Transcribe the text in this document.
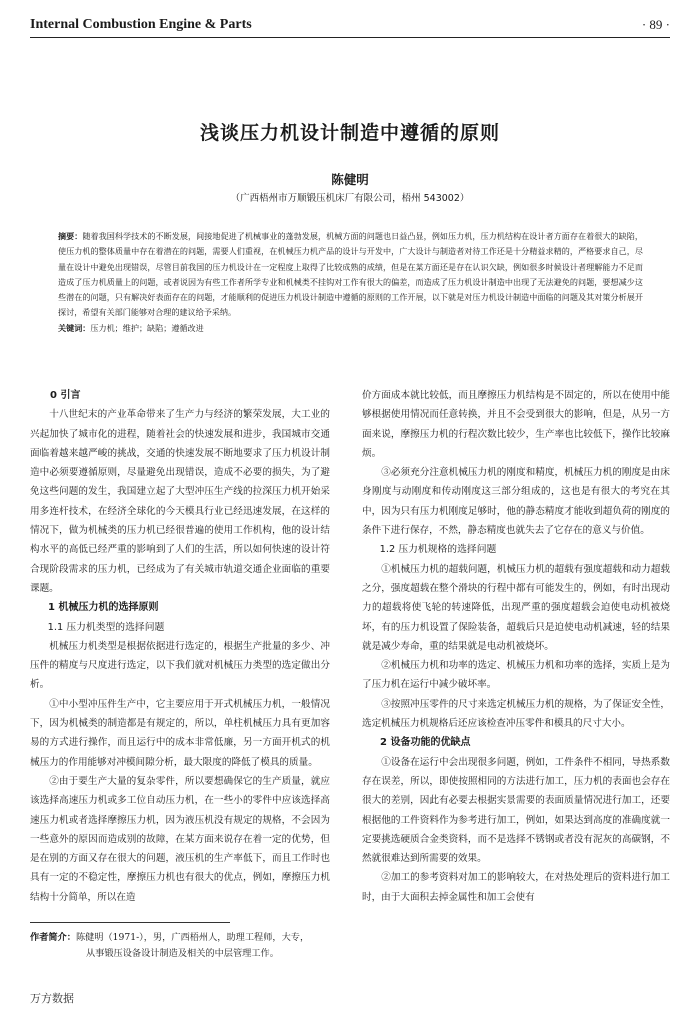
Internal Combustion Engine & Parts	· 89 ·
浅谈压力机设计制造中遵循的原则
陈健明
（广西梧州市万顺锻压机床厂有限公司，梧州 543002）
摘要：随着我国科学技术的不断发展，间接地促进了机械事业的蓬勃发展，机械方面的问题也日益凸显，例如压力机，压力机结构在设计者方面存在着很大的缺陷，使压力机的整体质量中存在着潜在的问题，需要人们重视，在机械压力机产品的设计与开发中，广大设计与制造者对待工作还是十分精益求精的，严格要求自己，尽量在设计中避免出现错误，尽管目前我国的压力机设计在一定程度上取得了比较成熟的成绩，但是在某方面还是存在认识欠缺，例如很多时候设计者理解能力不足而造成了压力机质量上的问题，或者说因为有些工作者所学专业和机械类不挂钩对工作有很大的偏差，而造成了压力机设计制造中出现了无法避免的问题，要想减少这些潜在的问题，只有解决好表面存在的问题，才能顺利的促进压力机设计制造中遵循的原则的工作开展，以下就是对压力机设计制造中面临的问题及其对策分析展开探讨，希望有关部门能够对合理的建议给予采纳。
关键词：压力机；维护；缺陷；遵循改进

0 引言

十八世纪末的产业革命带来了生产力与经济的繁荣发展，大工业的兴起加快了城市化的进程，随着社会的快速发展和进步，我国城市交通面临着越来越严峻的挑战，交通的快速发展不断地要求了压力机设计制造中必须要遵循原则，尽量避免出现错误，造成不必要的损失，为了避免这些问题的发生，我国建立起了大型冲压生产线的拉深压力机开始采用多连杆技术，在经济全球化的今天模具行业已经迅速发展，在这样的情况下，做为机械类的压力机已经很普遍的使用工作机构，他的设计结构水平的高低已经严重的影响到了人们的生活，所以如何快速的设计符合现阶段需求的压力机，已经成为了有关城市轨道交通企业面临的重要课题。

1 机械压力机的选择原则

1.1 压力机类型的选择问题

机械压力机类型是根据依据进行选定的，根据生产批量的多少、冲压件的精度与尺度进行选定，以下我们就对机械压力类型的选定做出分析。

①中小型冲压件生产中，它主要应用于开式机械压力机，一般情况下，因为机械类的制造都是有规定的，所以，单柱机械压力具有更加容易的方式进行操作，而且运行中的成本非常低廉，另一方面开机式的机械压力的作用能够对冲模间隙分析，最大限度的降低了模具的质量。

②由于要生产大量的复杂零件，所以要想确保它的生产质量，就应该选择高速压力机或多工位自动压力机，在一些小的零件中应该选择高速压力机或者选择摩擦压力机，因为液压机没有规定的规格，不会因为一些意外的原因而造成别的故障，在某方面来说存在着一定的优势，但是在别的方面又存在很大的问题，液压机的生产率低下，而且工作时也具有一定的不稳定性，摩擦压力机也有很大的优点，例如，摩擦压力机结构十分简单，所以在造

价方面成本就比较低，而且摩擦压力机结构是不固定的，所以在使用中能够根据使用情况而任意转换，并且不会受到很大的影响，但是，从另一方面来说，摩擦压力机的行程次数比较少，生产率也比较低下，操作比较麻烦。

③必须充分注意机械压力机的刚度和精度，机械压力机的刚度是由床身刚度与动刚度和传动刚度这三部分组成的，这也是有很大的考究在其中，因为只有压力机刚度足够时，他的静态精度才能收到超负荷的刚度的条件下进行保存，不然，静态精度也就失去了它存在的意义与价值。

1.2 压力机规格的选择问题

①机械压力机的超载问题，机械压力机的超载有强度超载和动力超载之分，强度超载在整个滑块的行程中都有可能发生的，例如，有时出现动力的超载将使飞轮的转速降低，出现严重的强度超载会迫使电动机被烧坏，有的压力机设置了保险装备，超载后只是迫使电动机减速，轻的结果就是减少寿命，重的结果就是电动机被烧坏。

②机械压力机和功率的选定、机械压力机和功率的选择，实质上是为了压力机在运行中减少破坏率。

③按照冲压零件的尺寸来选定机械压力机的规格，为了保证安全性，选定机械压力机规格后还应该检查冲压零件和模具的尺寸大小。

2 设备功能的优缺点

①设备在运行中会出现很多问题，例如，工件条件不相同，导热系数存在误差，所以，即使按照相同的方法进行加工，压力机的表面也会存在很大的差别，因此有必要去根据实景需要的表面质量情况进行加工，还要根据他的工件资料作为参考进行加工，例如，如果达到高度的准确度就一定要挑选硬质合金类资料，而不是选择不锈钢或者没有泥灰的高碳钢，不然就很难达到所需要的效果。

②加工的参考资料对加工的影响较大，在对热处理后的资料进行加工时，由于大面积去掉金属性和加工会使有

作者简介：陈健明（1971-），男，广西梧州人，助理工程师，大专，
从事锻压设备设计制造及相关的中层管理工作。
万方数据
